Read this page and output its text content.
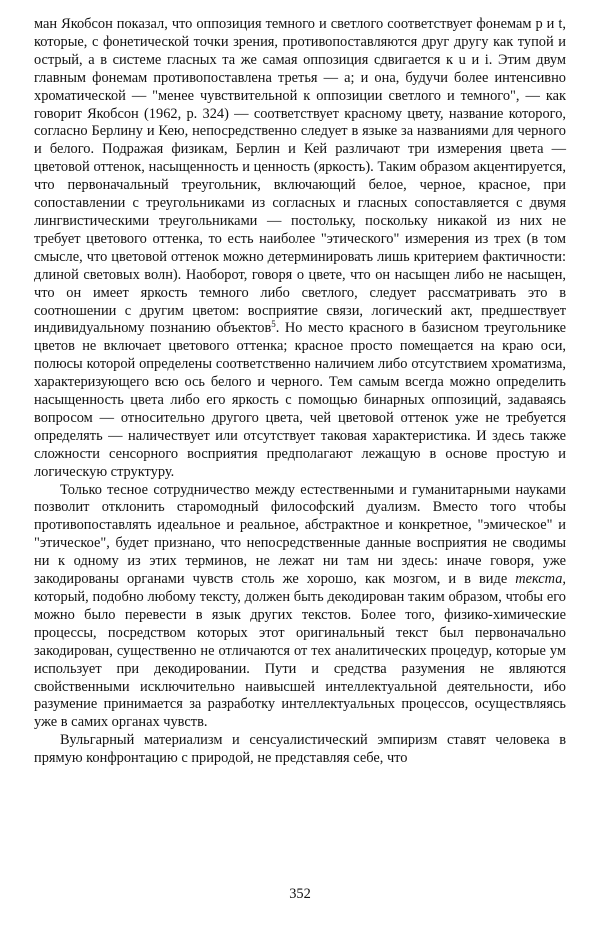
ман Якобсон показал, что оппозиция темного и светлого соответствует фонемам p и t, которые, с фонетической точки зрения, противопоставляются друг другу как тупой и острый, а в системе гласных та же самая оппозиция сдвигается к u и i. Этим двум главным фонемам противопоставлена третья — a; и она, будучи более интенсивно хроматической — "менее чувствительной к оппозиции светлого и темного", — как говорит Якобсон (1962, р. 324) — соответствует красному цвету, название которого, согласно Берлину и Кею, непосредственно следует в языке за названиями для черного и белого. Подражая физикам, Берлин и Кей различают три измерения цвета — цветовой оттенок, насыщенность и ценность (яркость). Таким образом акцентируется, что первоначальный треугольник, включающий белое, черное, красное, при сопоставлении с треугольниками из согласных и гласных сопоставляется с двумя лингвистическими треугольниками — постольку, поскольку никакой из них не требует цветового оттенка, то есть наиболее "этического" измерения из трех (в том смысле, что цветовой оттенок можно детерминировать лишь критерием фактичности: длиной световых волн). Наоборот, говоря о цвете, что он насыщен либо не насыщен, что он имеет яркость темного либо светлого, следует рассматривать это в соотношении с другим цветом: восприятие связи, логический акт, предшествует индивидуальному познанию объектов$^5$. Но место красного в базисном треугольнике цветов не включает цветового оттенка; красное просто помещается на краю оси, полюсы которой определены соответственно наличием либо отсутствием хроматизма, характеризующего всю ось белого и черного. Тем самым всегда можно определить насыщенность цвета либо его яркость с помощью бинарных оппозиций, задаваясь вопросом — относительно другого цвета, чей цветовой оттенок уже не требуется определять — наличествует или отсутствует таковая характеристика. И здесь также сложности сенсорного восприятия предполагают лежащую в основе простую и логическую структуру.

Только тесное сотрудничество между естественными и гуманитарными науками позволит отклонить старомодный философский дуализм. Вместо того чтобы противопоставлять идеальное и реальное, абстрактное и конкретное, "эмическое" и "этическое", будет признано, что непосредственные данные восприятия не сводимы ни к одному из этих терминов, не лежат ни там ни здесь: иначе говоря, уже закодированы органами чувств столь же хорошо, как мозгом, и в виде текста, который, подобно любому тексту, должен быть декодирован таким образом, чтобы его можно было перевести в язык других текстов. Более того, физико-химические процессы, посредством которых этот оригинальный текст был первоначально закодирован, существенно не отличаются от тех аналитических процедур, которые ум использует при декодировании. Пути и средства разумения не являются свойственными исключительно наивысшей интеллектуальной деятельности, ибо разумение принимается за разработку интеллектуальных процессов, осуществляясь уже в самих органах чувств.

Вульгарный материализм и сенсуалистический эмпиризм ставят человека в прямую конфронтацию с природой, не представляя себе, что

352
